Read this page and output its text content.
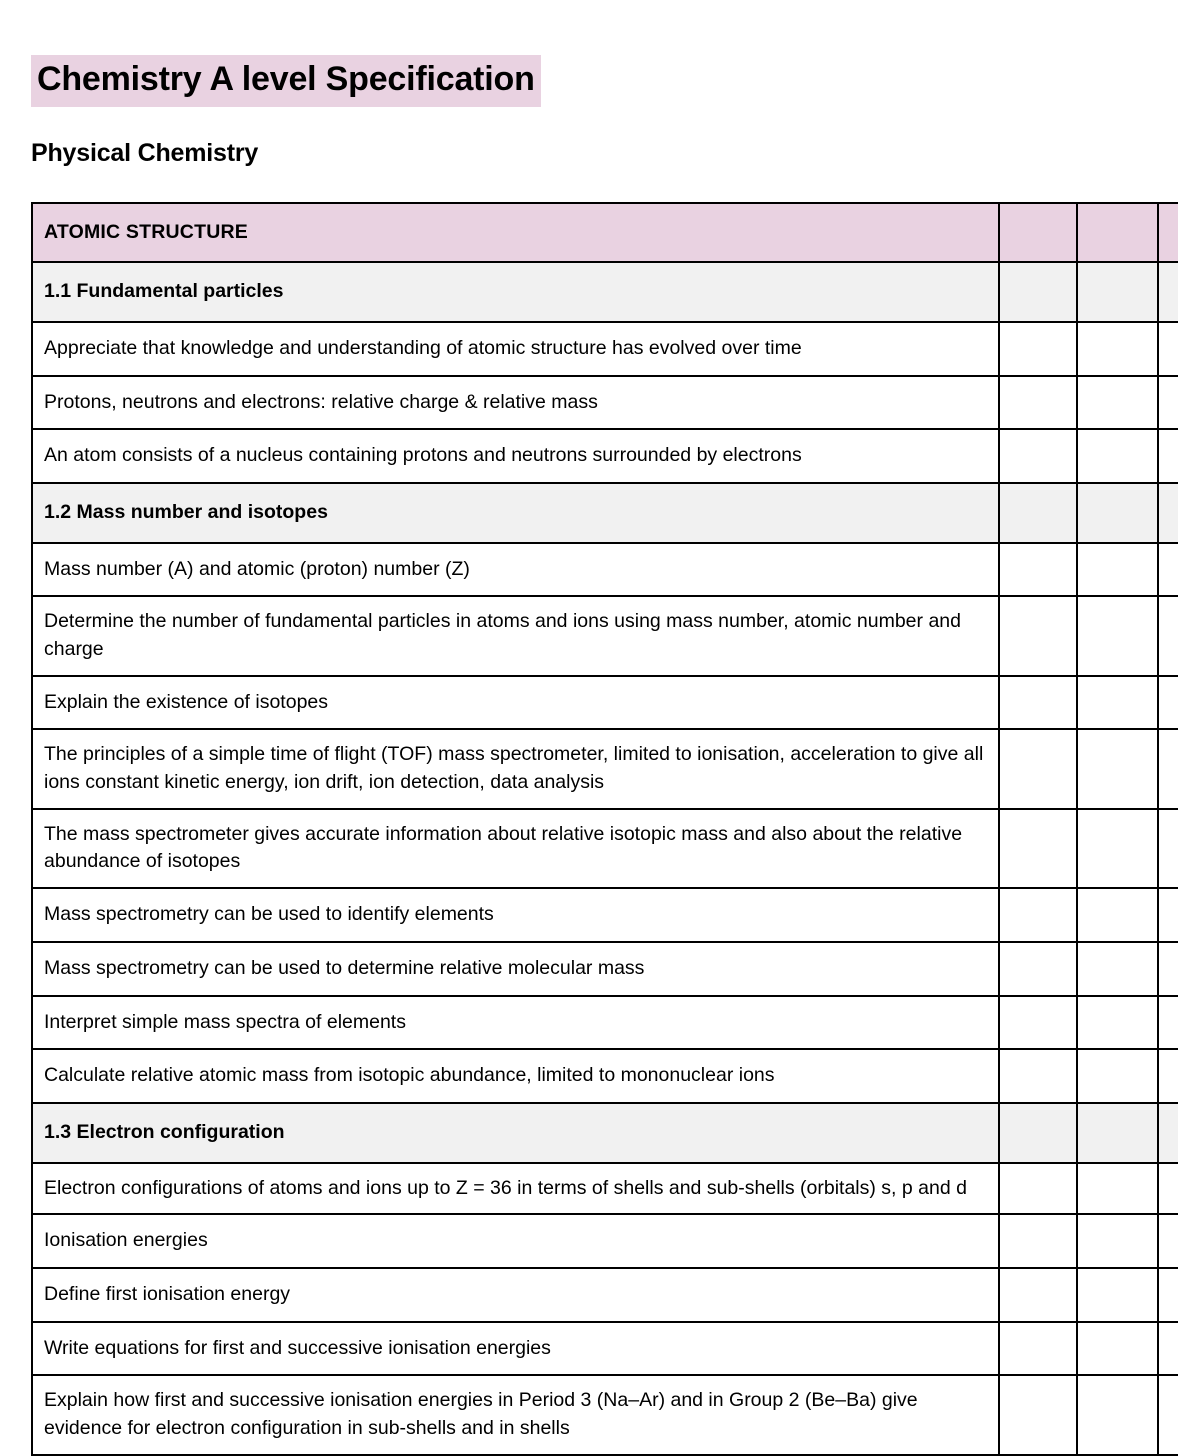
Chemistry A level Specification
Physical Chemistry
ATOMIC STRUCTURE			

1.1 Fundamental particles			

Appreciate that knowledge and understanding of atomic structure has evolved over time			

Protons, neutrons and electrons: relative charge & relative mass			

An atom consists of a nucleus containing protons and neutrons surrounded by electrons			

1.2 Mass number and isotopes			

Mass number (A) and atomic (proton) number (Z)			

Determine the number of fundamental particles in atoms and ions using mass number, atomic number and charge			

Explain the existence of isotopes			

The principles of a simple time of flight (TOF) mass spectrometer, limited to ionisation, acceleration to give all ions constant kinetic energy, ion drift, ion detection, data analysis			

The mass spectrometer gives accurate information about relative isotopic mass and also about the relative abundance of isotopes			

Mass spectrometry can be used to identify elements			

Mass spectrometry can be used to determine relative molecular mass			

Interpret simple mass spectra of elements			

Calculate relative atomic mass from isotopic abundance, limited to mononuclear ions			

1.3 Electron configuration			

Electron configurations of atoms and ions up to Z = 36 in terms of shells and sub-shells (orbitals) s, p and d			

Ionisation energies			

Define first ionisation energy			

Write equations for first and successive ionisation energies			

Explain how first and successive ionisation energies in Period 3 (Na–Ar) and in Group 2 (Be–Ba) give evidence for electron configuration in sub-shells and in shells			
